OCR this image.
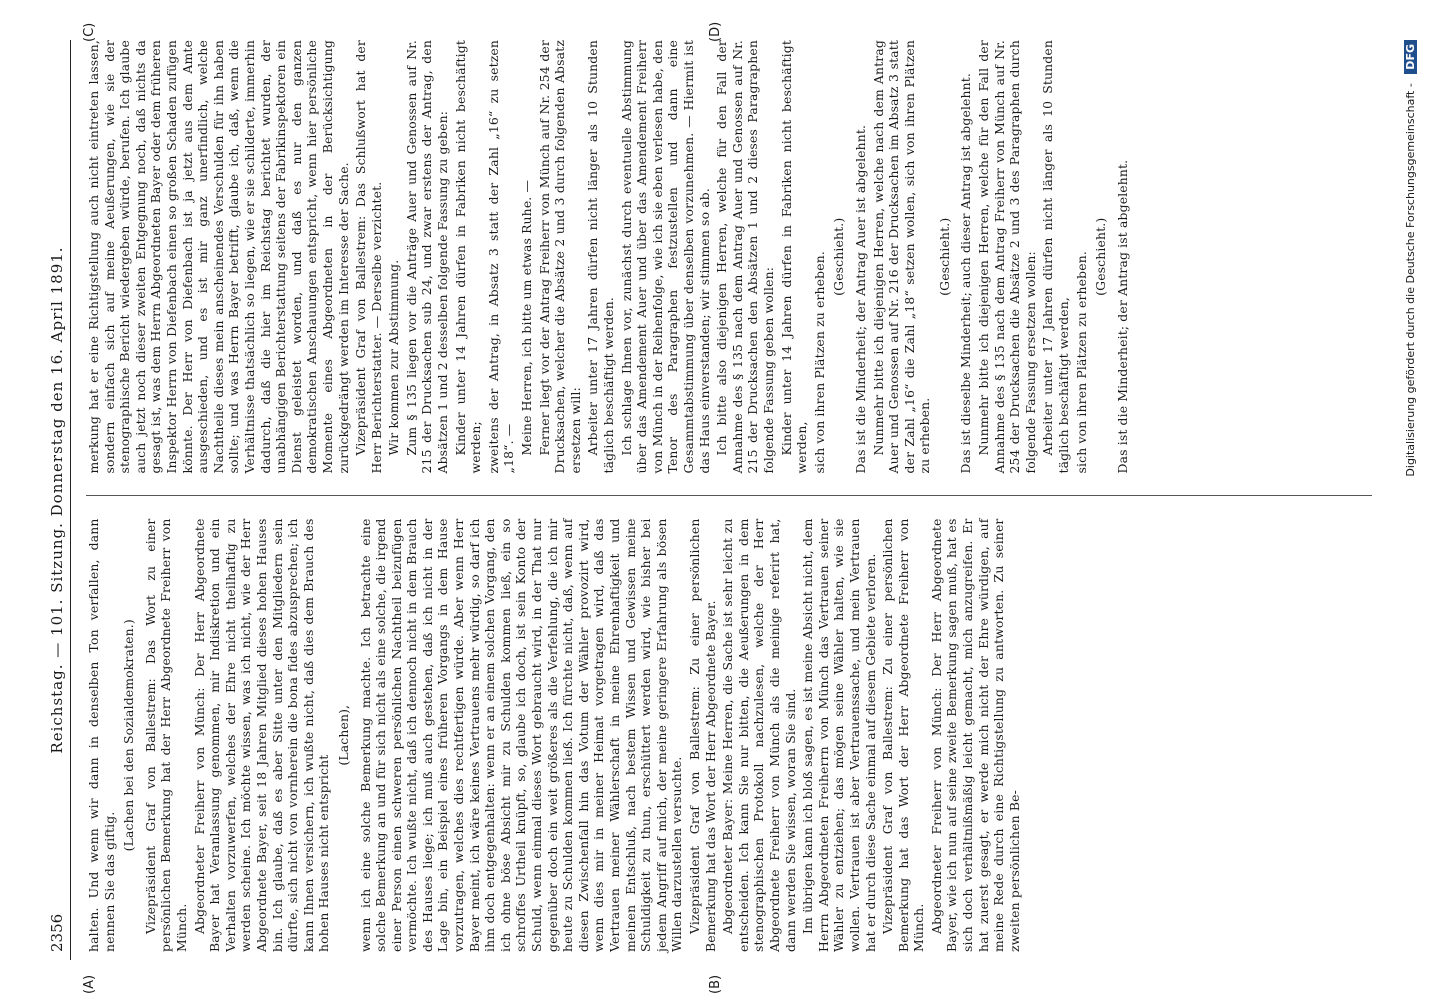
2356
Reichstag. — 101. Sitzung. Donnerstag den 16. April 1891.	halten. Und wenn wir dann in denselben Ton verfallen, dann nennen Sie das giftig.

(Lachen bei den Sozialdemokraten.) Vizepräsident Graf von Ballestrem: Das Wort zu einer persönlichen Bemerkung hat der Herr Abgeordnete Freiherr von Münch. Abgeordneter Freiherr von Münch: Der Herr Abgeordnete Bayer hat Veranlassung genommen, mir Indiskretion und ein Verhalten vorzuwerfen, welches der Ehre nicht theilhaftig zu werden scheine. Ich möchte wissen, was ich nicht, wie der Herr Abgeordnete Bayer, seit 18 Jahren Mitglied dieses hohen Hauses bin. Ich glaube, daß es aber Sitte unter den Mitgliedern sein dürfte, sich nicht von vornherein die bona fides abzusprechen; ich kann Ihnen versichern, ich wußte nicht, daß dies dem Brauch des hohen Hauses nicht entspricht

(Lachen), wenn ich eine solche Bemerkung machte. Ich betrachte eine solche Bemerkung an und für sich nicht als eine solche, die irgend einer Person einen schweren persönlichen Nachtheil beizufügen vermöchte. Ich wußte nicht, daß ich dennoch nicht in dem Brauch des Hauses liege; ich muß auch gestehen, daß ich nicht in der Lage bin, ein Beispiel eines früheren Vorgangs in dem Hause vorzutragen, welches dies rechtfertigen würde. Aber wenn Herr Bayer meint, ich wäre keines Vertrauens mehr würdig, so darf ich ihm doch entgegenhalten: wenn er an einem solchen Vorgang, den ich ohne böse Absicht mir zu Schulden kommen ließ, ein so schroffes Urtheil knüpft, so, glaube ich doch, ist sein Konto der Schuld, wenn einmal dieses Wort gebraucht wird, in der That nur gegenüber doch ein weit größeres als die Verfehlung, die ich mir heute zu Schulden kommen ließ. Ich fürchte nicht, daß, wenn auf diesen Zwischenfall hin das Votum der Wähler provozirt wird, wenn dies mir in meiner Heimat vorgetragen wird, daß das Vertrauen meiner Wählerschaft in meine Ehrenhaftigkeit und meinen Entschluß, nach bestem Wissen und Gewissen meine Schuldigkeit zu thun, erschüttert werden wird, wie bisher bei jedem Angriff auf mich, der meine geringere Erfahrung als bösen Willen darzustellen versuchte. Vizepräsident Graf von Ballestrem: Zu einer persönlichen Bemerkung hat das Wort der Herr Abgeordnete Bayer. Abgeordneter Bayer: Meine Herren, die Sache ist sehr leicht zu entscheiden. Ich kann Sie nur bitten, die Aeußerungen in dem stenographischen Protokoll nachzulesen, welche der Herr Abgeordnete Freiherr von Münch als die meinige referirt hat, dann werden Sie wissen, woran Sie sind. Im übrigen kann ich bloß sagen, es ist meine Absicht nicht, dem Herrn Abgeordneten Freiherrn von Münch das Vertrauen seiner Wähler zu entziehen; das mögen seine Wähler halten, wie sie wollen. Vertrauen ist aber Vertrauenssache, und mein Vertrauen hat er durch diese Sache einmal auf diesem Gebiete verloren. Vizepräsident Graf von Ballestrem: Zu einer persönlichen Bemerkung hat das Wort der Herr Abgeordnete Freiherr von Münch. Abgeordneter Freiherr von Münch: Der Herr Abgeordnete Bayer, wie ich nun auf seine zweite Bemerkung sagen muß, hat es sich doch verhältnißmäßig leicht gemacht, mich anzugreifen. Er hat zuerst gesagt, er werde mich nicht der Ehre würdigen, auf meine Rede durch eine Richtigstellung zu antworten. Zu seiner zweiten persönlichen Be-

merkung hat er eine Richtigstellung auch nicht eintreten lassen, sondern einfach sich auf meine Aeußerungen, wie sie der stenographische Bericht wiedergeben würde, berufen. Ich glaube auch jetzt noch dieser zweiten Entgegnung noch, daß nichts da gesagt ist, was dem Herrn Abgeordneten Bayer oder dem früheren Inspektor Herrn von Diefenbach einen so großen Schaden zufügen könnte. Der Herr von Diefenbach ist ja jetzt aus dem Amte ausgeschieden, und es ist mir ganz unerfindlich, welche Nachtheile dieses mein anscheinendes Verschulden für ihn haben sollte; und was Herrn Bayer betrifft, glaube ich, daß, wenn die Verhältnisse thatsächlich so liegen, wie er sie schilderte, immerhin dadurch, daß die hier im Reichstag berichtet wurden, der unabhängigen Berichterstattung seitens der Fabrikinspektoren ein Dienst geleistet worden, und daß es nur den ganzen demokratischen Anschauungen entspricht, wenn hier persönliche Momente eines Abgeordneten in der Berücksichtigung zurückgedrängt werden im Interesse der Sache. Vizepräsident Graf von Ballestrem: Das Schlußwort hat der Herr Berichterstatter. — Derselbe verzichtet. Wir kommen zur Abstimmung. Zum § 135 liegen vor die Anträge Auer und Genossen auf Nr. 215 der Drucksachen sub 24, und zwar erstens der Antrag, den Absätzen 1 und 2 desselben folgende Fassung zu geben: Kinder unter 14 Jahren dürfen in Fabriken nicht beschäftigt werden; zweitens der Antrag, in Absatz 3 statt der Zahl „16“ zu setzen „18“. — Meine Herren, ich bitte um etwas Ruhe. — Ferner liegt vor der Antrag Freiherr von Münch auf Nr. 254 der Drucksachen, welcher die Absätze 2 und 3 durch folgenden Absatz ersetzen will: Arbeiter unter 17 Jahren dürfen nicht länger als 10 Stunden täglich beschäftigt werden. Ich schlage Ihnen vor, zunächst durch eventuelle Abstimmung über das Amendement Auer und über das Amendement Freiherr von Münch in der Reihenfolge, wie ich sie eben verlesen habe, den Tenor des Paragraphen festzustellen und dann eine Gesammtabstimmung über denselben vorzunehmen. — Hiermit ist das Haus einverstanden; wir stimmen so ab. Ich bitte also diejenigen Herren, welche für den Fall der Annahme des § 135 nach dem Antrag Auer und Genossen auf Nr. 215 der Drucksachen den Absätzen 1 und 2 dieses Paragraphen folgende Fassung geben wollen: Kinder unter 14 Jahren dürfen in Fabriken nicht beschäftigt werden, sich von ihren Plätzen zu erheben. (Geschieht.) Das ist die Minderheit; der Antrag Auer ist abgelehnt. Nunmehr bitte ich diejenigen Herren, welche nach dem Antrag Auer und Genossen auf Nr. 216 der Drucksachen im Absatz 3 statt der Zahl „16“ die Zahl „18“ setzen wollen, sich von ihren Plätzen zu erheben.

(Geschieht.) Das ist dieselbe Minderheit; auch dieser Antrag ist abgelehnt. Nunmehr bitte ich diejenigen Herren, welche für den Fall der Annahme des § 135 nach dem Antrag Freiherr von Münch auf Nr. 254 der Drucksachen die Absätze 2 und 3 des Paragraphen durch folgende Fassung ersetzen wollen: Arbeiter unter 17 Jahren dürfen nicht länger als 10 Stunden täglich beschäftigt werden, sich von ihren Plätzen zu erheben. (Geschieht.) Das ist die Minderheit; der Antrag ist abgelehnt.

(A)	(B)
(C)	(D)
Digitalisierung gefördert durch die Deutsche Forschungsgemeinschaft - DFG
